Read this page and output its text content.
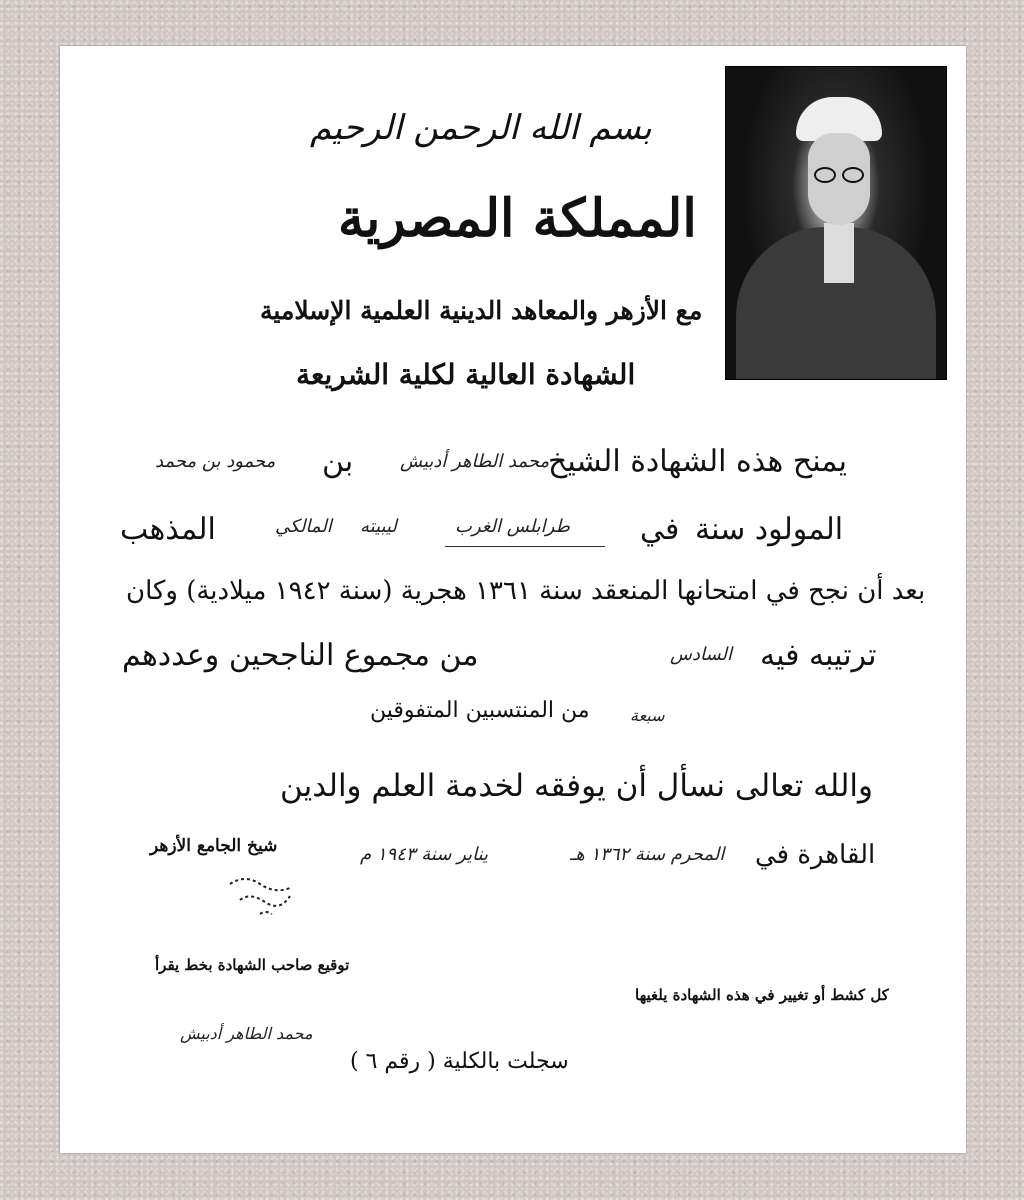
بسم الله الرحمن الرحيم
المملكة المصرية
مع الأزهر والمعاهد الدينية العلمية الإسلامية
الشهادة العالية لكلية الشريعة
يمنح هذه الشهادة الشيخ
محمد الطاهر أدبيش
بن
محمود بن محمد
المولود سنة
في
طرابلس الغرب
ليبيته
المالكي
المذهب
بعد أن نجح في امتحانها المنعقد سنة ١٣٦١ هجرية (سنة ١٩٤٢ ميلادية) وكان
ترتيبه فيه
السادس
من مجموع الناجحين وعددهم
سبعة
من المنتسبين المتفوقين
والله تعالى نسأل أن يوفقه لخدمة العلم والدين
القاهرة في
المحرم سنة ١٣٦٢ هـ
يناير سنة ١٩٤٣ م
شيخ الجامع الأزهر
توقيع صاحب الشهادة بخط يقرأ
كل كشط أو تغيير في هذه الشهادة يلغيها
محمد الطاهر أدبيش
سجلت بالكلية ( رقم ٦ )
